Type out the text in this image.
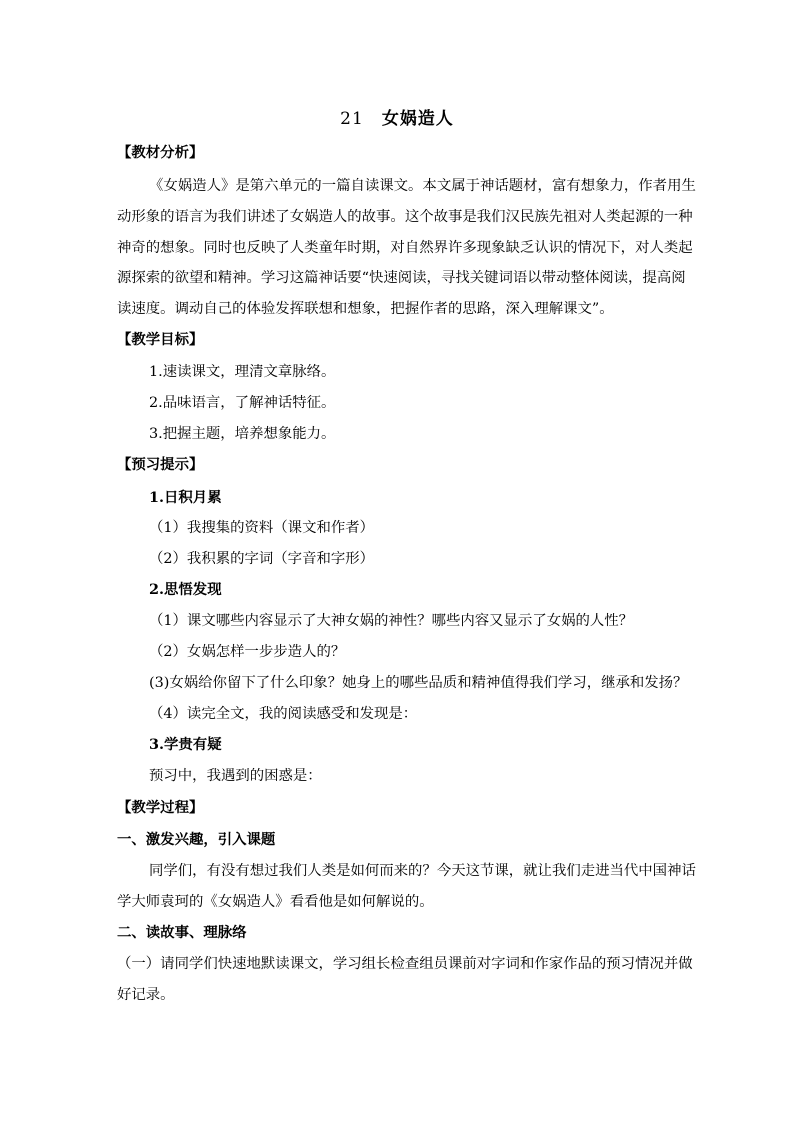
21 女娲造人
【教材分析】
《女娲造人》是第六单元的一篇自读课文。本文属于神话题材，富有想象力，作者用生
动形象的语言为我们讲述了女娲造人的故事。这个故事是我们汉民族先祖对人类起源的一种
神奇的想象。同时也反映了人类童年时期，对自然界许多现象缺乏认识的情况下，对人类起
源探索的欲望和精神。学习这篇神话要“快速阅读，寻找关键词语以带动整体阅读，提高阅
读速度。调动自己的体验发挥联想和想象，把握作者的思路，深入理解课文”。
【教学目标】
1.速读课文，理清文章脉络。
2.品味语言，了解神话特征。
3.把握主题，培养想象能力。
【预习提示】
1.日积月累
（1）我搜集的资料（课文和作者）
（2）我积累的字词（字音和字形）
2.思悟发现
（1）课文哪些内容显示了大神女娲的神性？哪些内容又显示了女娲的人性？
（2）女娲怎样一步步造人的？
(3)女娲给你留下了什么印象？她身上的哪些品质和精神值得我们学习，继承和发扬？
（4）读完全文，我的阅读感受和发现是：
3.学贵有疑
预习中，我遇到的困惑是：
【教学过程】
一、激发兴趣，引入课题
同学们，有没有想过我们人类是如何而来的？今天这节课，就让我们走进当代中国神话
学大师袁珂的《女娲造人》看看他是如何解说的。
二、读故事、理脉络
（一）请同学们快速地默读课文，学习组长检查组员课前对字词和作家作品的预习情况并做
好记录。
